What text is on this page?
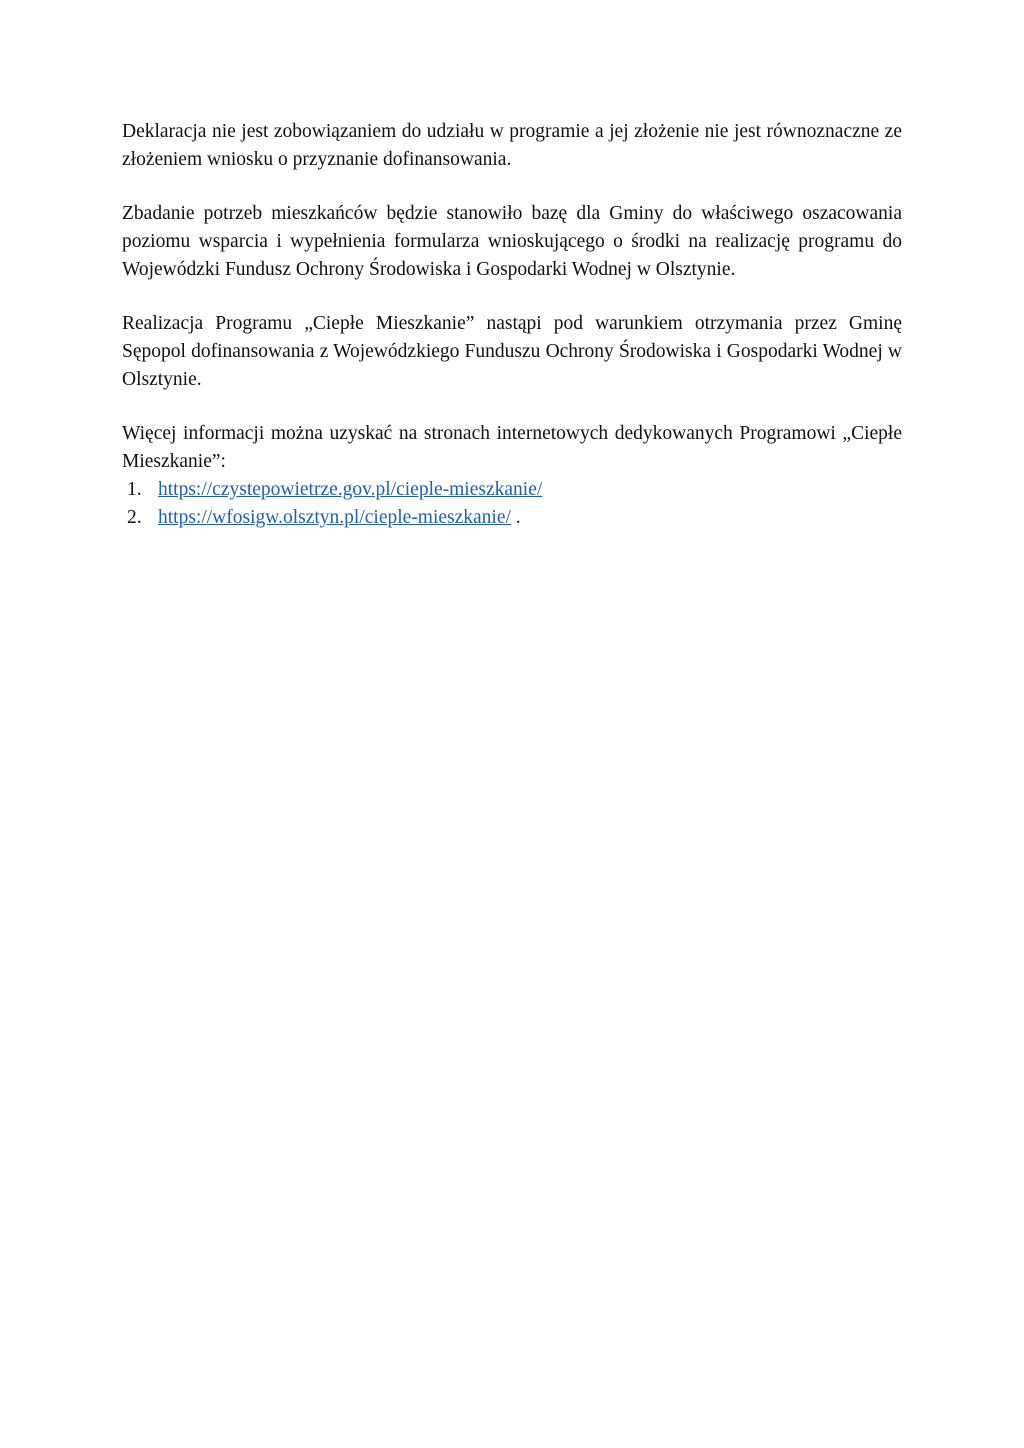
Deklaracja nie jest zobowiązaniem do udziału w programie a jej złożenie nie jest równoznaczne ze złożeniem wniosku o przyznanie dofinansowania.

Zbadanie potrzeb mieszkańców będzie stanowiło bazę dla Gminy do właściwego oszacowania poziomu wsparcia i wypełnienia formularza wnioskującego o środki na realizację programu do Wojewódzki Fundusz Ochrony Środowiska i Gospodarki Wodnej w Olsztynie.

Realizacja Programu „Ciepłe Mieszkanie” nastąpi pod warunkiem otrzymania przez Gminę Sępopol dofinansowania z Wojewódzkiego Funduszu Ochrony Środowiska i Gospodarki Wodnej w Olsztynie.

Więcej informacji można uzyskać na stronach internetowych dedykowanych Programowi „Ciepłe Mieszkanie”:

1. https://czystepowietrze.gov.pl/cieple-mieszkanie/
2. https://wfosigw.olsztyn.pl/cieple-mieszkanie/ .
